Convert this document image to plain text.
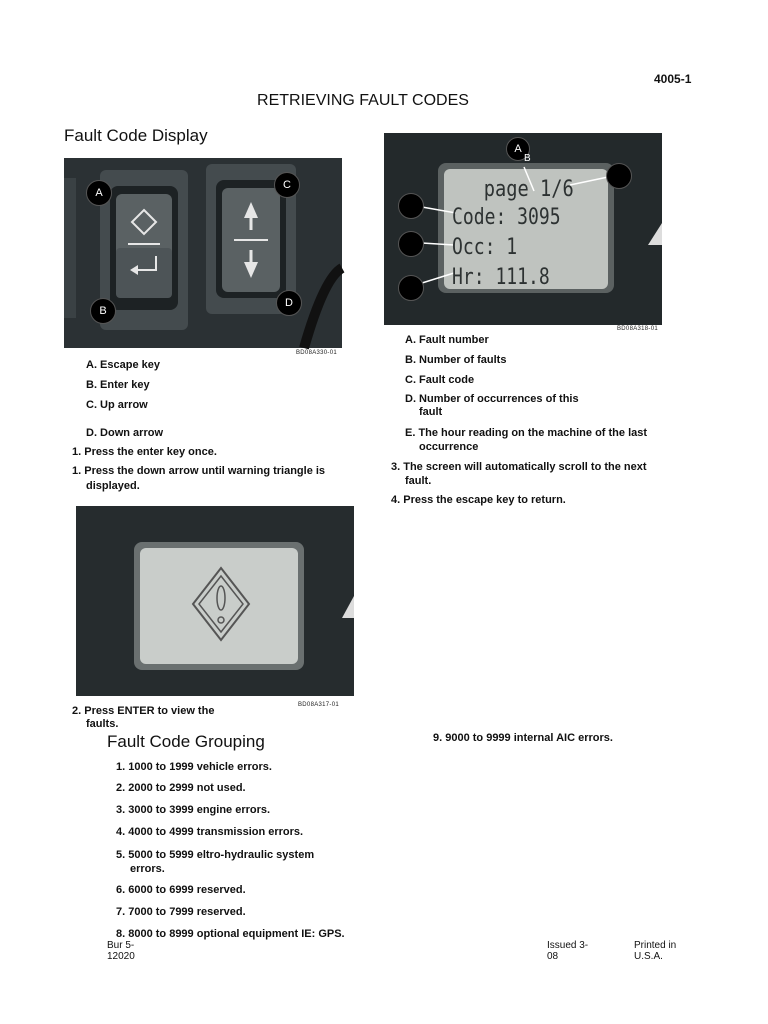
4005-1
RETRIEVING FAULT CODES
Fault Code Display
A
B
C
D
BD08A330-01
A. Escape key
B. Enter key
C. Up arrow
D. Down arrow
1. Press the enter key once.
1. Press the down arrow until warning triangle is
displayed.
BD08A317-01
2. Press ENTER to view the
faults.
page 1/6
Code: 3095
Occ: 1
Hr: 111.8
A
B
BD08A318-01
A. Fault number
B. Number of faults
C. Fault code
D. Number of occurrences of this
fault
E. The hour reading on the machine of the last
occurrence
3. The screen will automatically scroll to the next
fault.
4. Press the escape key to return.
Fault Code Grouping
1. 1000 to 1999 vehicle errors.
2. 2000 to 2999 not used.
3. 3000 to 3999 engine errors.
4. 4000 to 4999 transmission errors.
5. 5000 to 5999 eltro-hydraulic system
errors.
6. 6000 to 6999 reserved.
7. 7000 to 7999 reserved.
8. 8000 to 8999 optional equipment IE: GPS.
9. 9000 to 9999 internal AIC errors.
Bur 5-
12020
Issued 3-
08
Printed in
U.S.A.
